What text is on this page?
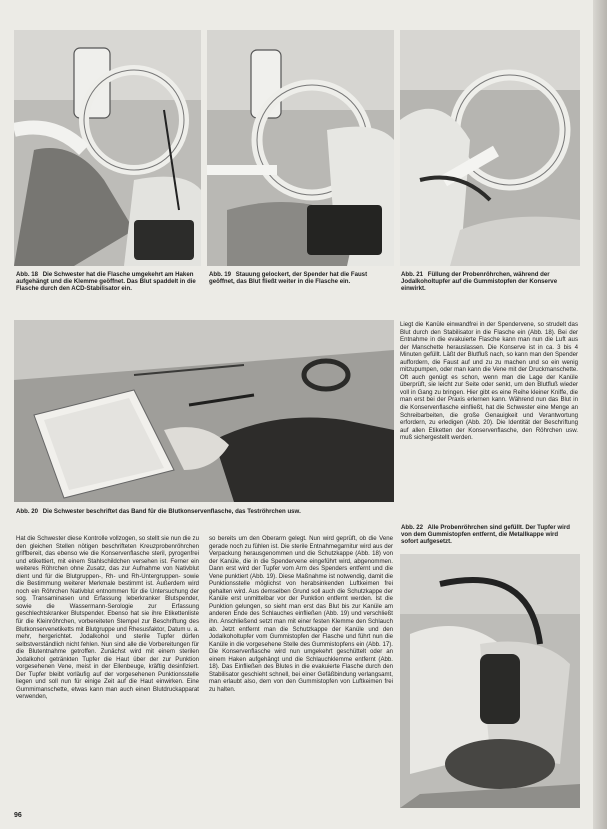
Abb. 18 Die Schwester hat die Flasche umgekehrt am Haken aufgehängt und die Klemme geöffnet. Das Blut spaddelt in die Flasche durch den ACD-Stabilisator ein.
Abb. 19 Stauung gelockert, der Spender hat die Faust geöffnet, das Blut fließt weiter in die Flasche ein.
Abb. 21 Füllung der Probenröhrchen, während der Jodalkoholtupfer auf die Gummistopfen der Konserve einwirkt.

Liegt die Kanüle einwandfrei in der Spendervene, so strudelt das Blut durch den Stabilisator in die Flasche ein (Abb. 18). Bei der Entnahme in die evakuierte Flasche kann man nun die Luft aus der Manschette herauslassen. Die Konserve ist in ca. 3 bis 4 Minuten gefüllt. Läßt der Blutfluß nach, so kann man den Spender auffordern, die Faust auf und zu zu machen und so ein wenig mitzupumpen, oder man kann die Vene mit der Druckmanschette. Oft auch genügt es schon, wenn man die Lage der Kanüle überprüft, sie leicht zur Seite oder senkt, um den Blutfluß wieder voll in Gang zu bringen. Hier gibt es eine Reihe kleiner Kniffe, die man erst bei der Praxis erlernen kann. Während nun das Blut in die Konservenflasche einfließt, hat die Schwester eine Menge an Schreibarbeiten, die große Genauigkeit und Verantwortung erfordern, zu erledigen (Abb. 20). Die Identität der Beschriftung auf allen Etiketten der Konservenflasche, den Röhrchen usw. muß sichergestellt werden.

Abb. 20 Die Schwester beschriftet das Band für die Blutkonservenflasche, das Teströhrchen usw.

Hat die Schwester diese Kontrolle vollzogen, so stellt sie nun die zu den gleichen Stellen nötigen beschrifteten Kreuzprobenröhrchen griffbereit, das ebenso wie die Konservenflasche steril, pyrogenfrei und etikettiert, mit einem Stahlschildchen versehen ist. Ferner ein weiteres Röhrchen ohne Zusatz, das zur Aufnahme von Nativblut dient und für die Blutgruppen-, Rh- und Rh-Untergruppen- sowie die Bestimmung weiterer Merkmale bestimmt ist. Außerdem wird noch ein Röhrchen Nativblut entnommen für die Untersuchung der sog. Transaminasen und Erfassung leberkranker Blutspender, sowie die Wassermann-Serologie zur Erfassung geschlechtskranker Blutspender. Ebenso hat sie ihre Etikettenliste für die Kleinröhrchen, vorbereiteten Stempel zur Beschriftung des Blutkonservenetiketts mit Blutgruppe und Rhesusfaktor, Datum u. a. mehr, hergerichtet. Jodalkohol und sterile Tupfer dürfen selbstverständlich nicht fehlen. Nun sind alle die Vorbereitungen für die Blutentnahme getroffen. Zunächst wird mit einem sterilen Jodalkohol getränkten Tupfer die Haut über der zur Punktion vorgesehenen Vene, meist in der Ellenbeuge, kräftig desinfiziert. Der Tupfer bleibt vorläufig auf der vorgesehenen Punktionsstelle liegen und soll nun für einige Zeit auf die Haut einwirken. Eine Gummimanschette, etwas kann man auch einen Blutdruckapparat verwenden,

so bereits um den Oberarm gelegt. Nun wird geprüft, ob die Vene gerade noch zu fühlen ist. Die sterile Entnahmegarnitur wird aus der Verpackung herausgenommen und die Schutzkappe (Abb. 18) von der Kanüle, die in die Spendervene eingeführt wird, abgenommen. Dann erst wird der Tupfer vom Arm des Spenders entfernt und die Vene punktiert (Abb. 19). Diese Maßnahme ist notwendig, damit die Punktionsstelle möglichst von herabsinkenden Luftkeimen frei gehalten wird. Aus demselben Grund soll auch die Schutzkappe der Kanüle erst unmittelbar vor der Punktion entfernt werden. Ist die Punktion gelungen, so sieht man erst das Blut bis zur Kanüle am anderen Ende des Schlauches einfließen (Abb. 19) und verschließt ihn. Anschließend setzt man mit einer festen Klemme den Schlauch ab. Jetzt entfernt man die Schutzkappe der Kanüle und den Jodalkoholtupfer vom Gummistopfen der Flasche und führt nun die Kanüle in die vorgesehene Stelle des Gummistopfens ein (Abb. 17). Die Konservenflasche wird nun umgekehrt geschüttelt oder an einem Haken aufgehängt und die Schlauchklemme entfernt (Abb. 18). Das Einfließen des Blutes in die evakuierte Flasche durch den Stabilisator geschieht schnell, bei einer Gefäßbindung verlangsamt, man erlaubt also, dem von den Gummistopfen von Luftkeimen frei zu halten.

Abb. 22 Alle Probenröhrchen sind gefüllt. Der Tupfer wird von dem Gummistopfen entfernt, die Metallkappe wird sofort aufgesetzt.
96
